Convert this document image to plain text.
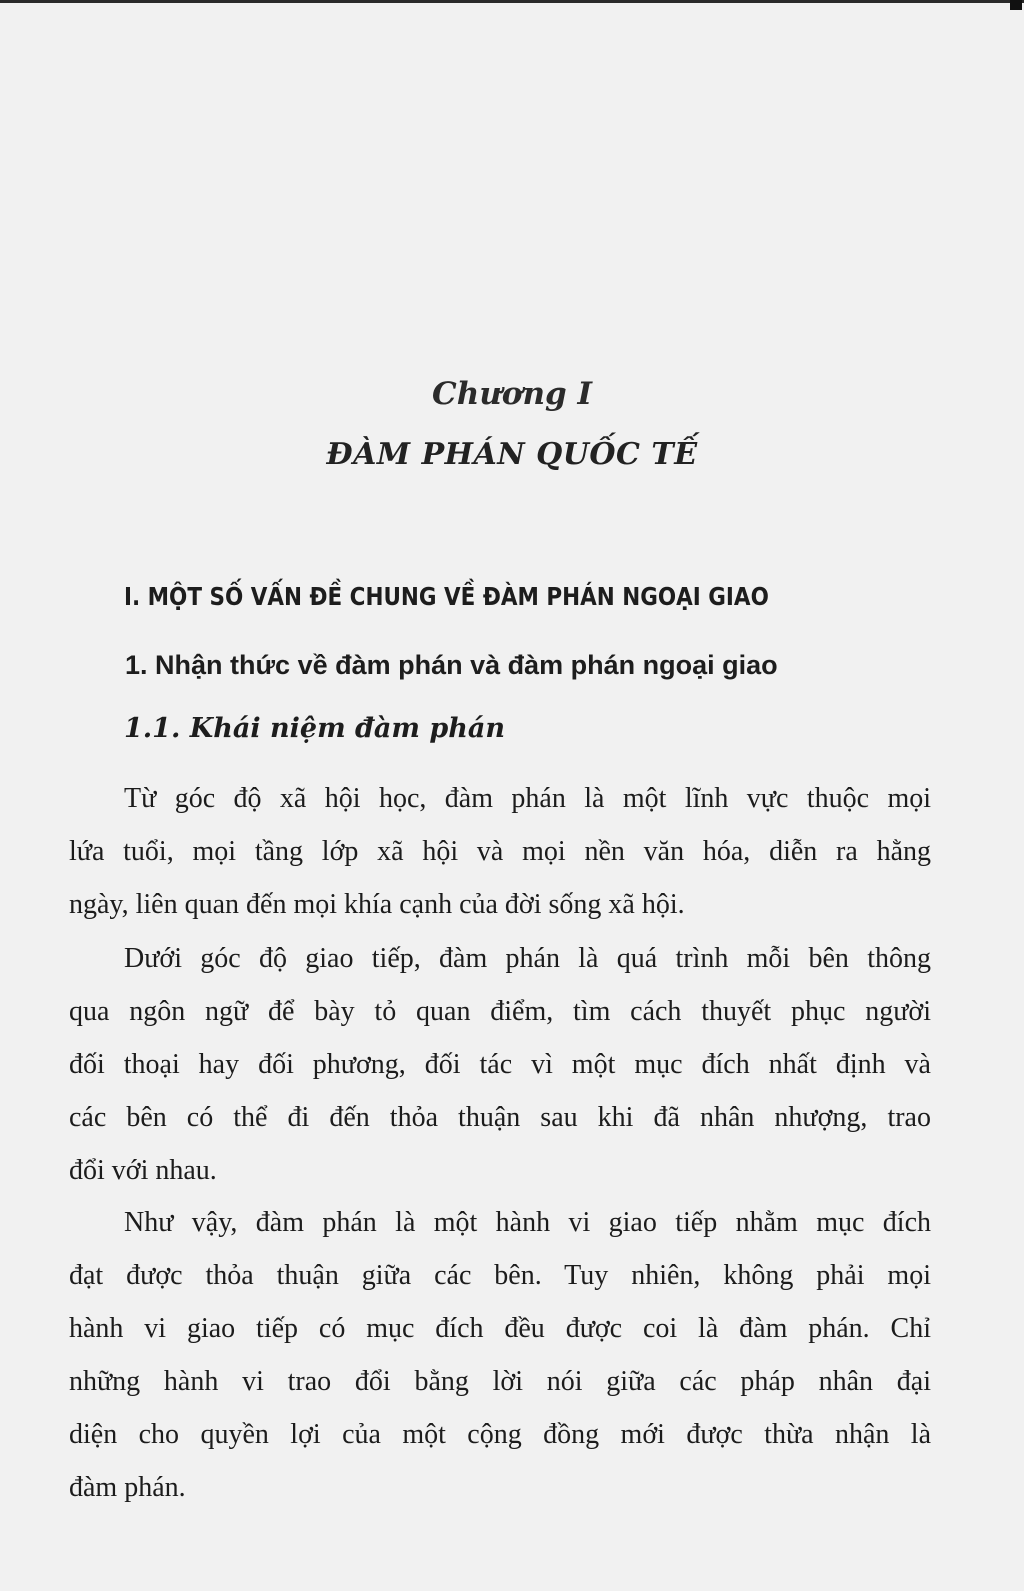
Chương I
ĐÀM PHÁN QUỐC TẾ
I. MỘT SỐ VẤN ĐỀ CHUNG VỀ ĐÀM PHÁN NGOẠI GIAO
1. Nhận thức về đàm phán và đàm phán ngoại giao
1.1. Khái niệm đàm phán
Từ góc độ xã hội học, đàm phán là một lĩnh vực thuộc mọi
lứa tuổi, mọi tầng lớp xã hội và mọi nền văn hóa, diễn ra hằng
ngày, liên quan đến mọi khía cạnh của đời sống xã hội.
Dưới góc độ giao tiếp, đàm phán là quá trình mỗi bên thông
qua ngôn ngữ để bày tỏ quan điểm, tìm cách thuyết phục người
đối thoại hay đối phương, đối tác vì một mục đích nhất định và
các bên có thể đi đến thỏa thuận sau khi đã nhân nhượng, trao
đổi với nhau.
Như vậy, đàm phán là một hành vi giao tiếp nhằm mục đích
đạt được thỏa thuận giữa các bên. Tuy nhiên, không phải mọi
hành vi giao tiếp có mục đích đều được coi là đàm phán. Chỉ
những hành vi trao đổi bằng lời nói giữa các pháp nhân đại
diện cho quyền lợi của một cộng đồng mới được thừa nhận là
đàm phán.
